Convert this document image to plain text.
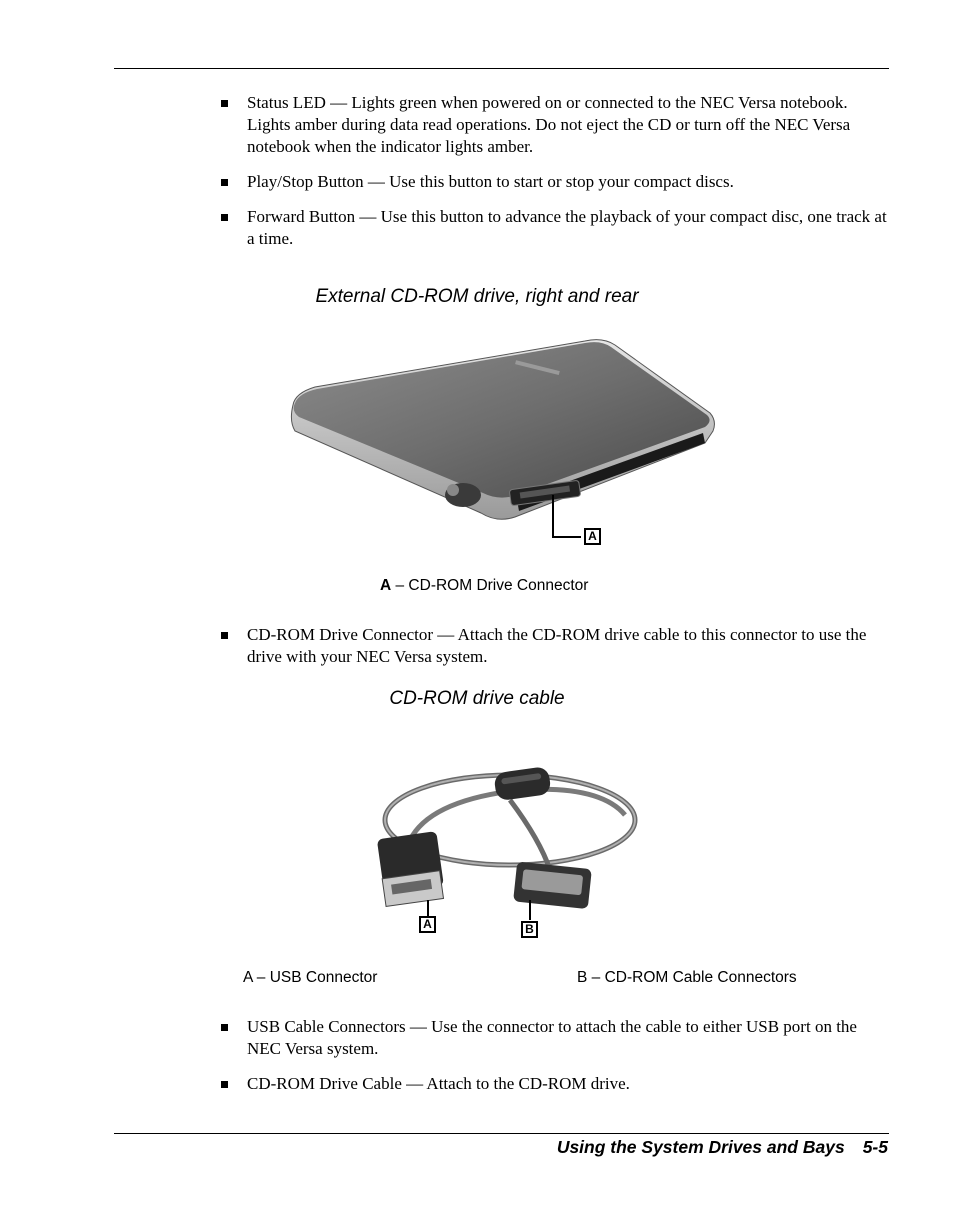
Status LED — Lights green when powered on or connected to the NEC Versa notebook. Lights amber during data read operations. Do not eject the CD or turn off the NEC Versa notebook when the indicator lights amber.
Play/Stop Button — Use this button to start or stop your compact discs.
Forward Button — Use this button to advance the playback of your compact disc, one track at a time.
External CD-ROM drive, right and rear
A
A – CD-ROM Drive Connector
CD-ROM Drive Connector — Attach the CD-ROM drive cable to this connector to use the drive with your NEC Versa system.
CD-ROM drive cable
A	B
A – USB Connector	B – CD-ROM Cable Connectors
USB Cable Connectors — Use the connector to attach the cable to either USB port on the NEC Versa system.
CD-ROM Drive Cable — Attach to the CD-ROM drive.
Using the System Drives and Bays 5-5
